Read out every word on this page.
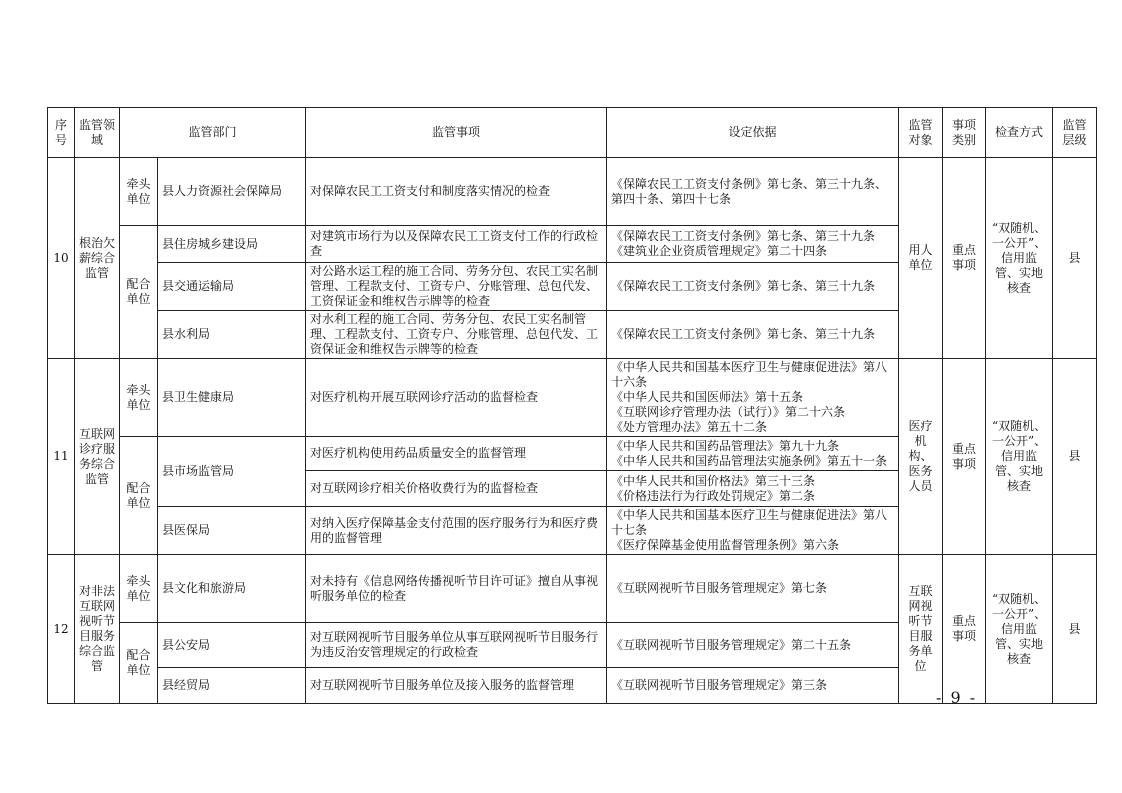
序号	监管领域	监管部门		监管事项	设定依据	监管对象	事项类别	检查方式	监管层级
10	根治欠薪综合监管	牵头单位	县人力资源社会保障局	对保障农民工工资支付和制度落实情况的检查	《保障农民工工资支付条例》第七条、第三十九条、第四十条、第四十七条	用人单位	重点事项	“双随机、一公开”、信用监管、实地核查	县
		配合单位	县住房城乡建设局	对建筑市场行为以及保障农民工工资支付工作的行政检查	《保障农民工工资支付条例》第七条、第三十九条 《建筑业企业资质管理规定》第二十四条				
			县交通运输局	对公路水运工程的施工合同、劳务分包、农民工实名制管理、工程款支付、工资专户、分账管理、总包代发、工资保证金和维权告示牌等的检查	《保障农民工工资支付条例》第七条、第三十九条				
			县水利局	对水利工程的施工合同、劳务分包、农民工实名制管理、工程款支付、工资专户、分账管理、总包代发、工资保证金和维权告示牌等的检查	《保障农民工工资支付条例》第七条、第三十九条				
11	互联网诊疗服务综合监管	牵头单位	县卫生健康局	对医疗机构开展互联网诊疗活动的监督检查	《中华人民共和国基本医疗卫生与健康促进法》第八十六条
《中华人民共和国医师法》第十五条
《互联网诊疗管理办法（试行）》第二十六条
《处方管理办法》第五十二条	医疗机构、医务人员	重点事项	“双随机、一公开”、信用监管、实地核查	县
		配合单位	县市场监管局	对医疗机构使用药品质量安全的监督管理	《中华人民共和国药品管理法》第九十九条
《中华人民共和国药品管理法实施条例》第五十一条				
				对互联网诊疗相关价格收费行为的监督检查	《中华人民共和国价格法》第三十三条
《价格违法行为行政处罚规定》第二条				
			县医保局	对纳入医疗保障基金支付范围的医疗服务行为和医疗费用的监督管理	《中华人民共和国基本医疗卫生与健康促进法》第八十七条
《医疗保障基金使用监督管理条例》第六条				
12	对非法互联网视听节目服务综合监管	牵头单位	县文化和旅游局	对未持有《信息网络传播视听节目许可证》擅自从事视听服务单位的检查	《互联网视听节目服务管理规定》第七条	互联网视听节目服务单位	重点事项	“双随机、一公开”、信用监管、实地核查	县
		配合单位	县公安局	对互联网视听节目服务单位从事互联网视听节目服务行为违反治安管理规定的行政检查	《互联网视听节目服务管理规定》第二十五条				
			县经贸局	对互联网视听节目服务单位及接入服务的监督管理	《互联网视听节目服务管理规定》第三条				
- 9 -
